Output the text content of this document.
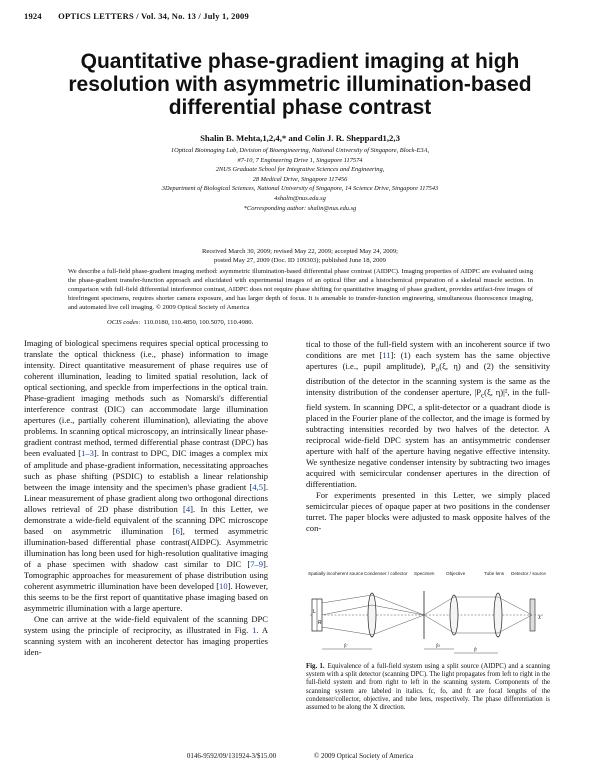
1924 OPTICS LETTERS / Vol. 34, No. 13 / July 1, 2009
Quantitative phase-gradient imaging at high resolution with asymmetric illumination-based differential phase contrast
Shalin B. Mehta,1,2,4,* and Colin J. R. Sheppard1,2,3
1Optical Bioimaging Lab, Division of Bioengineering, National University of Singapore, Block-E3A,
#7-10, 7 Engineering Drive 1, Singapore 117574
2NUS Graduate School for Integrative Sciences and Engineering,
28 Medical Drive, Singapore 117456
3Department of Biological Sciences, National University of Singapore, 14 Science Drive, Singapore 117543
4shalin@nus.edu.sg
*Corresponding author: shalin@nus.edu.sg
Received March 30, 2009; revised May 22, 2009; accepted May 24, 2009;
posted May 27, 2009 (Doc. ID 109303); published June 18, 2009
We describe a full-field phase-gradient imaging method: asymmetric illumination-based differential phase contrast (AIDPC). Imaging properties of AIDPC are evaluated using the phase-gradient transfer-function approach and elucidated with experimental images of an optical fiber and a histochemical preparation of a skeletal muscle section. In comparison with full-field differential interference contrast, AIDPC does not require phase shifting for quantitative imaging of phase gradient, provides artifact-free images of birefringent specimens, requires shorter camera exposure, and has larger depth of focus. It is amenable to transfer-function engineering, simultaneous fluorescence imaging, and automated live cell imaging. © 2009 Optical Society of America
OCIS codes: 110.0180, 110.4850, 100.5070, 110.4980.

Imaging of biological specimens requires special optical processing to translate the optical thickness (i.e., phase) information to image intensity. Direct quantitative measurement of phase requires use of coherent illumination, leading to limited spatial resolution, lack of optical sectioning, and speckle from imperfections in the optical train. Phase-gradient imaging methods such as Nomarski's differential interference contrast (DIC) can accommodate large illumination apertures (i.e., partially coherent illumination), alleviating the above problems. In scanning optical microscopy, an intrinsically linear phase-gradient contrast method, termed differential phase contrast (DPC) has been evaluated [1–3]. In contrast to DPC, DIC images a complex mix of amplitude and phase-gradient information, necessitating approaches such as phase shifting (PSDIC) to establish a linear relationship between the image intensity and the specimen's phase gradient [4,5]. Linear measurement of phase gradient along two orthogonal directions allows retrieval of 2D phase distribution [4]. In this Letter, we demonstrate a wide-field equivalent of the scanning DPC microscope based on asymmetric illumination [6], termed asymmetric illumination-based differential phase contrast(AIDPC). Asymmetric illumination has long been used for high-resolution qualitative imaging of a phase specimen with shadow cast similar to DIC [7–9]. Tomographic approaches for measurement of phase distribution using coherent asymmetric illumination have been developed [10]. However, this seems to be the first report of quantitative phase imaging based on asymmetric illumination with a large aperture.

One can arrive at the wide-field equivalent of the scanning DPC system using the principle of reciprocity, as illustrated in Fig. 1. A scanning system with an incoherent detector has imaging properties iden-

tical to those of the full-field system with an incoherent source if two conditions are met [11]: (1) each system has the same objective apertures (i.e., pupil amplitude), $P_o(\xi$, η) and (2) the sensitivity distribution of the detector in the scanning system is the same as the intensity distribution of the condenser aperture, $|P_c(\xi$, η)|², in the full-field system. In scanning DPC, a split-detector or a quadrant diode is placed in the Fourier plane of the collector, and the image is formed by subtracting intensities recorded by two halves of the detector. A reciprocal wide-field DPC system has an antisymmetric condenser aperture with half of the aperture having negative effective intensity. We synthesize negative condenser intensity by subtracting two images acquired with semicircular condenser apertures in the direction of differentiation.

For experiments presented in this Letter, we simply placed semicircular pieces of opaque paper at two positions in the condenser turret. The paper blocks were adjusted to mask opposite halves of the con-

Spatially incoherent source Condenser / collector Specimen	Objective	Tube lens Detector / source
L
R
fc	fo
ft
X
Fig. 1. Equivalence of a full-field system using a split source (AIDPC) and a scanning system with a split detector (scanning DPC). The light propagates from left to right in the full-field system and from right to left in the scanning system. Components of the scanning system are labeled in italics. fc, fo, and ft are focal lengths of the condenser/collector, objective, and tube lens, respectively. The phase differentiation is assumed to be along the X direction.
0146-9592/09/131924-3/$15.00	© 2009 Optical Society of America
